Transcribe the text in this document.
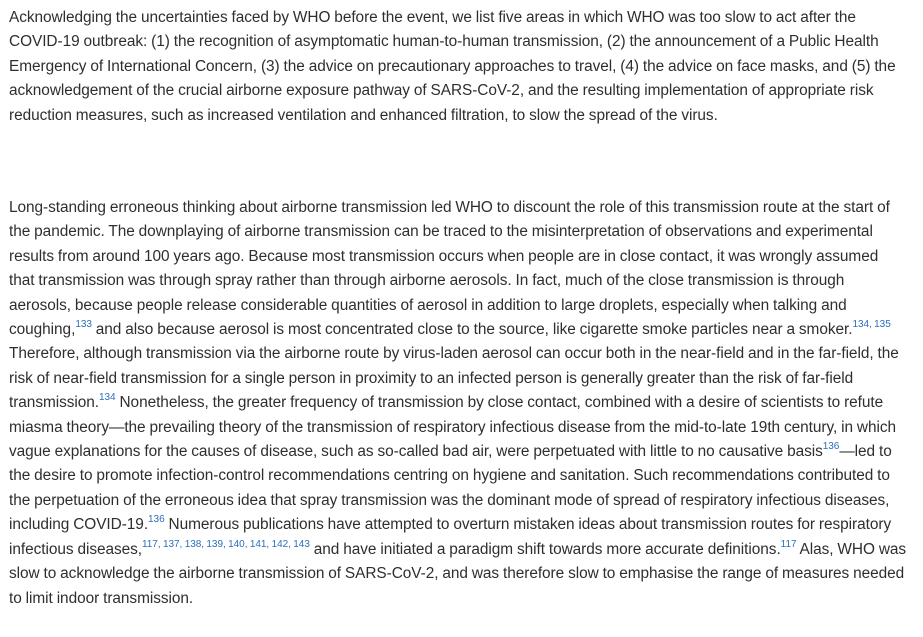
Acknowledging the uncertainties faced by WHO before the event, we list five areas in which WHO was too slow to act after the COVID-19 outbreak: (1) the recognition of asymptomatic human-to-human transmission, (2) the announcement of a Public Health Emergency of International Concern, (3) the advice on precautionary approaches to travel, (4) the advice on face masks, and (5) the acknowledgement of the crucial airborne exposure pathway of SARS-CoV-2, and the resulting implementation of appropriate risk reduction measures, such as increased ventilation and enhanced filtration, to slow the spread of the virus.

Long-standing erroneous thinking about airborne transmission led WHO to discount the role of this transmission route at the start of the pandemic. The downplaying of airborne transmission can be traced to the misinterpretation of observations and experimental results from around 100 years ago. Because most transmission occurs when people are in close contact, it was wrongly assumed that transmission was through spray rather than through airborne aerosols. In fact, much of the close transmission is through aerosols, because people release considerable quantities of aerosol in addition to large droplets, especially when talking and coughing,$^{133}$ and also because aerosol is most concentrated close to the source, like cigarette smoke particles near a smoker.$^{134, 135}$ Therefore, although transmission via the airborne route by virus-laden aerosol can occur both in the near-field and in the far-field, the risk of near-field transmission for a single person in proximity to an infected person is generally greater than the risk of far-field transmission.$^{134}$ Nonetheless, the greater frequency of transmission by close contact, combined with a desire of scientists to refute miasma theory—the prevailing theory of the transmission of respiratory infectious disease from the mid-to-late 19th century, in which vague explanations for the causes of disease, such as so-called bad air, were perpetuated with little to no causative basis$^{136}$—led to the desire to promote infection-control recommendations centring on hygiene and sanitation. Such recommendations contributed to the perpetuation of the erroneous idea that spray transmission was the dominant mode of spread of respiratory infectious diseases, including COVID-19.$^{136}$ Numerous publications have attempted to overturn mistaken ideas about transmission routes for respiratory infectious diseases,$^{117, 137, 138, 139, 140, 141, 142, 143}$ and have initiated a paradigm shift towards more accurate definitions.$^{117}$ Alas, WHO was slow to acknowledge the airborne transmission of SARS-CoV-2, and was therefore slow to emphasise the range of measures needed to limit indoor transmission.
